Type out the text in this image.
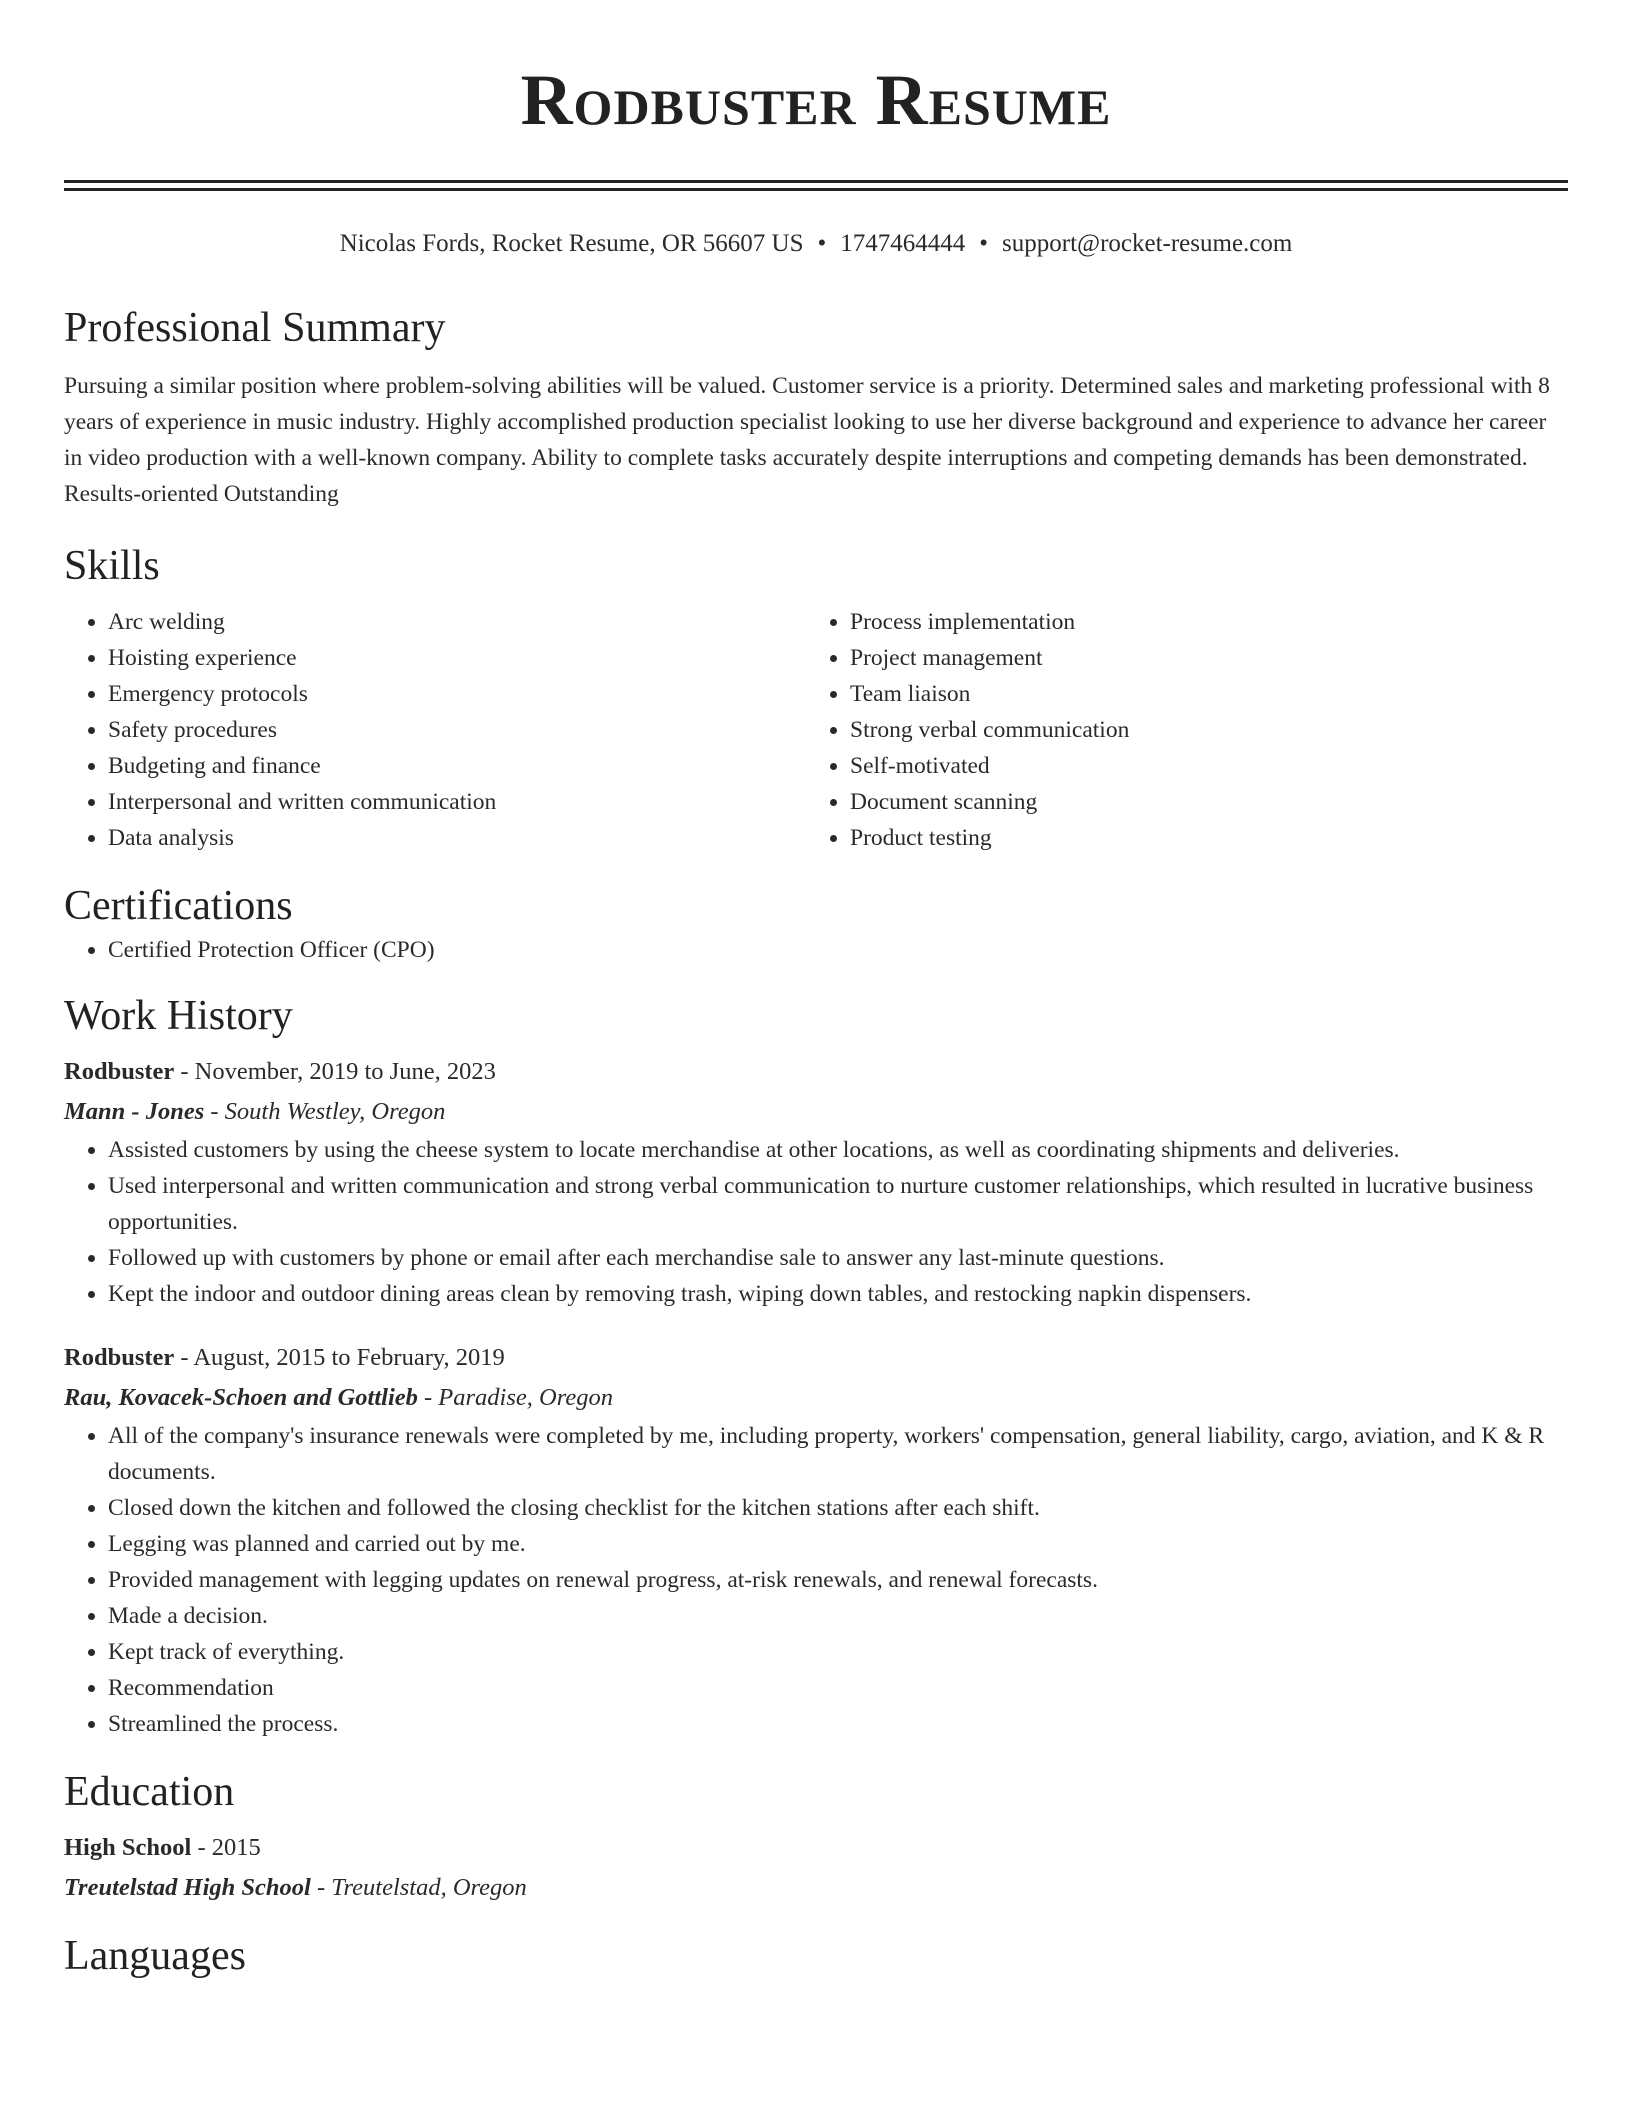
Rodbuster Resume
Nicolas Fords, Rocket Resume, OR 56607 US • 1747464444 • support@rocket-resume.com
Professional Summary
Pursuing a similar position where problem-solving abilities will be valued. Customer service is a priority. Determined sales and marketing professional with 8 years of experience in music industry. Highly accomplished production specialist looking to use her diverse background and experience to advance her career in video production with a well-known company. Ability to complete tasks accurately despite interruptions and competing demands has been demonstrated. Results-oriented Outstanding
Skills
• Arc welding
• Hoisting experience
• Emergency protocols
• Safety procedures
• Budgeting and finance
• Interpersonal and written communication
• Data analysis
• Process implementation
• Project management
• Team liaison
• Strong verbal communication
• Self-motivated
• Document scanning
• Product testing
Certifications
• Certified Protection Officer (CPO)
Work History
Rodbuster - November, 2019 to June, 2023
Mann - Jones - South Westley, Oregon
• Assisted customers by using the cheese system to locate merchandise at other locations, as well as coordinating shipments and deliveries.
• Used interpersonal and written communication and strong verbal communication to nurture customer relationships, which resulted in lucrative business opportunities.
• Followed up with customers by phone or email after each merchandise sale to answer any last-minute questions.
• Kept the indoor and outdoor dining areas clean by removing trash, wiping down tables, and restocking napkin dispensers.
Rodbuster - August, 2015 to February, 2019
Rau, Kovacek-Schoen and Gottlieb - Paradise, Oregon
• All of the company's insurance renewals were completed by me, including property, workers' compensation, general liability, cargo, aviation, and K & R documents.
• Closed down the kitchen and followed the closing checklist for the kitchen stations after each shift.
• Legging was planned and carried out by me.
• Provided management with legging updates on renewal progress, at-risk renewals, and renewal forecasts.
• Made a decision.
• Kept track of everything.
• Recommendation
• Streamlined the process.
Education
High School - 2015
Treutelstad High School - Treutelstad, Oregon
Languages
